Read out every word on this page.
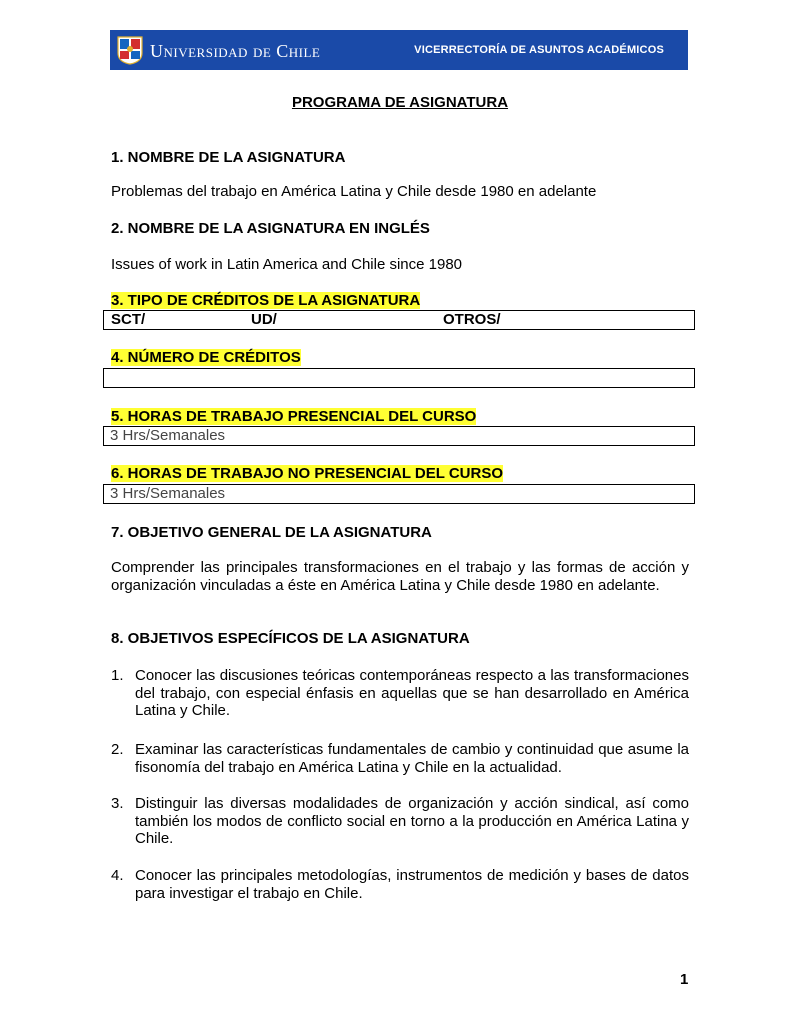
Universidad de Chile	VICERRECTORÍA DE ASUNTOS ACADÉMICOS
PROGRAMA DE ASIGNATURA
1. NOMBRE DE LA ASIGNATURA
Problemas del trabajo en América Latina y Chile desde 1980 en adelante
2. NOMBRE DE LA ASIGNATURA EN INGLÉS
Issues of work in Latin America and Chile since 1980
3. TIPO DE CRÉDITOS DE LA ASIGNATURA
SCT/	UD/	OTROS/
4. NÚMERO DE CRÉDITOS
5. HORAS DE TRABAJO PRESENCIAL DEL CURSO
3 Hrs/Semanales
6. HORAS DE TRABAJO NO PRESENCIAL DEL CURSO
3 Hrs/Semanales
7. OBJETIVO GENERAL DE LA ASIGNATURA
Comprender las principales transformaciones en el trabajo y las formas de acción y organización vinculadas a éste en América Latina y Chile desde 1980 en adelante.
8. OBJETIVOS ESPECÍFICOS DE LA ASIGNATURA
1. Conocer las discusiones teóricas contemporáneas respecto a las transformaciones del trabajo, con especial énfasis en aquellas que se han desarrollado en América Latina y Chile.
2. Examinar las características fundamentales de cambio y continuidad que asume la fisonomía del trabajo en América Latina y Chile en la actualidad.
3. Distinguir las diversas modalidades de organización y acción sindical, así como también los modos de conflicto social en torno a la producción en América Latina y Chile.
4. Conocer las principales metodologías, instrumentos de medición y bases de datos para investigar el trabajo en Chile.
1
